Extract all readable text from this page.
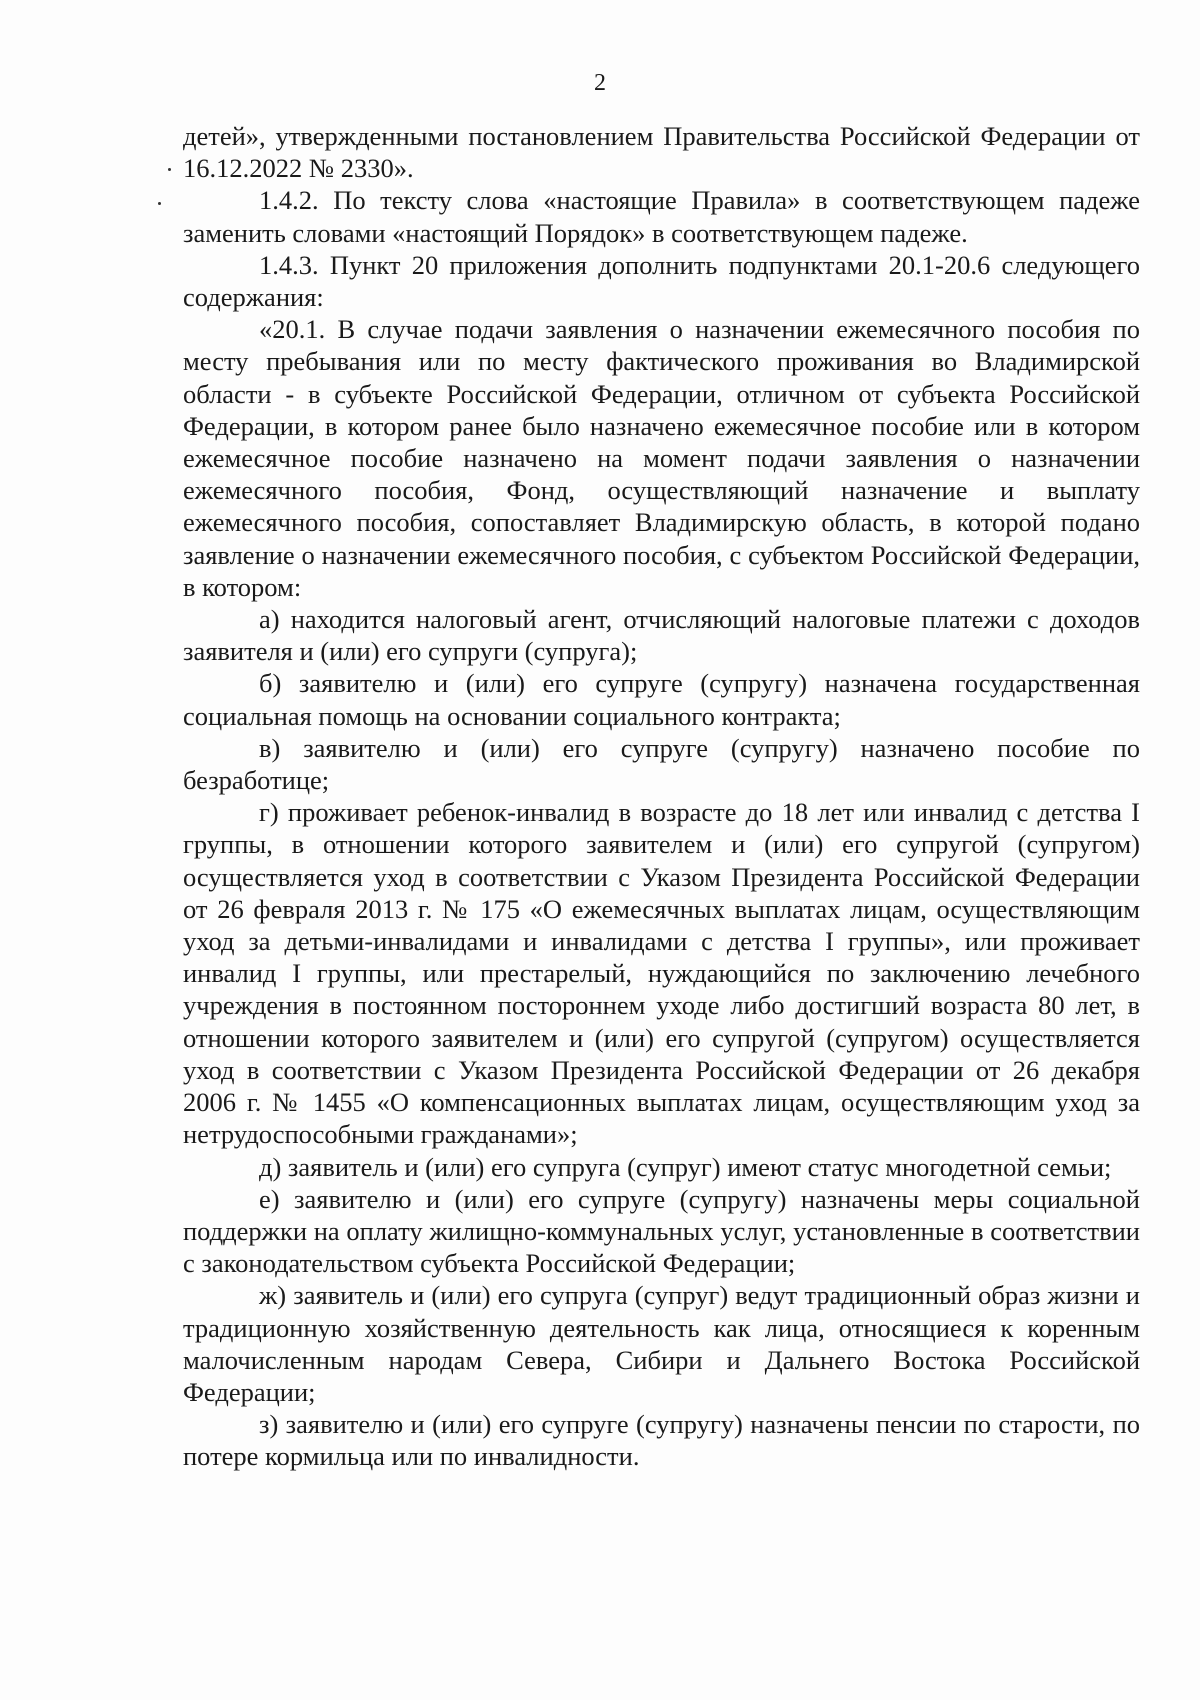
2

детей», утвержденными постановлением Правительства Российской Федерации от 16.12.2022 № 2330».

1.4.2. По тексту слова «настоящие Правила» в соответствующем падеже заменить словами «настоящий Порядок» в соответствующем падеже.

1.4.3. Пункт 20 приложения дополнить подпунктами 20.1-20.6 следующего содержания:

«20.1. В случае подачи заявления о назначении ежемесячного пособия по месту пребывания или по месту фактического проживания во Владимирской области - в субъекте Российской Федерации, отличном от субъекта Российской Федерации, в котором ранее было назначено ежемесячное пособие или в котором ежемесячное пособие назначено на момент подачи заявления о назначении ежемесячного пособия, Фонд, осуществляющий назначение и выплату ежемесячного пособия, сопоставляет Владимирскую область, в которой подано заявление о назначении ежемесячного пособия, с субъектом Российской Федерации, в котором:

а) находится налоговый агент, отчисляющий налоговые платежи с доходов заявителя и (или) его супруги (супруга);

б) заявителю и (или) его супруге (супругу) назначена государственная социальная помощь на основании социального контракта;

в) заявителю и (или) его супруге (супругу) назначено пособие по безработице;

г) проживает ребенок-инвалид в возрасте до 18 лет или инвалид с детства I группы, в отношении которого заявителем и (или) его супругой (супругом) осуществляется уход в соответствии с Указом Президента Российской Федерации от 26 февраля 2013 г. № 175 «О ежемесячных выплатах лицам, осуществляющим уход за детьми-инвалидами и инвалидами с детства I группы», или проживает инвалид I группы, или престарелый, нуждающийся по заключению лечебного учреждения в постоянном постороннем уходе либо достигший возраста 80 лет, в отношении которого заявителем и (или) его супругой (супругом) осуществляется уход в соответствии с Указом Президента Российской Федерации от 26 декабря 2006 г. № 1455 «О компенсационных выплатах лицам, осуществляющим уход за нетрудоспособными гражданами»;

д) заявитель и (или) его супруга (супруг) имеют статус многодетной семьи;

е) заявителю и (или) его супруге (супругу) назначены меры социальной поддержки на оплату жилищно-коммунальных услуг, установленные в соответствии с законодательством субъекта Российской Федерации;

ж) заявитель и (или) его супруга (супруг) ведут традиционный образ жизни и традиционную хозяйственную деятельность как лица, относящиеся к коренным малочисленным народам Севера, Сибири и Дальнего Востока Российской Федерации;

з) заявителю и (или) его супруге (супругу) назначены пенсии по старости, по потере кормильца или по инвалидности.
